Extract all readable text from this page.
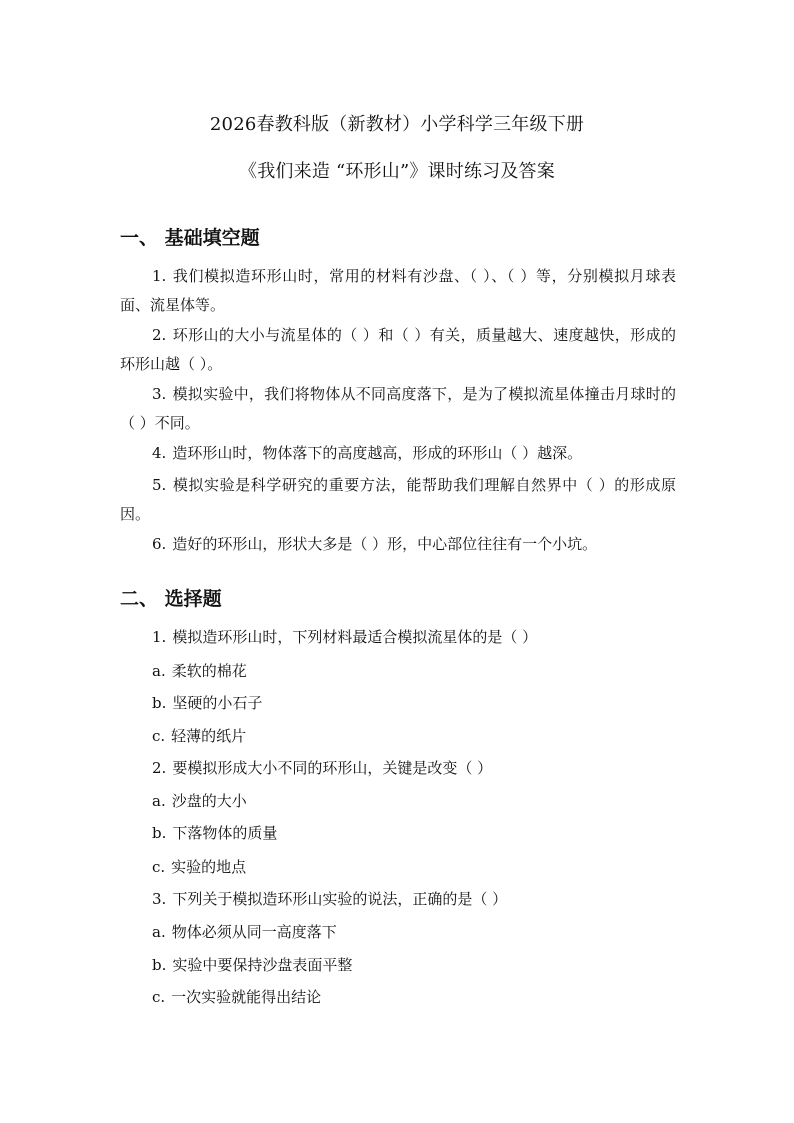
2026春教科版（新教材）小学科学三年级下册
《我们来造 “环形山”》课时练习及答案
一、 基础填空题
1. 我们模拟造环形山时，常用的材料有沙盘、（ ）、（ ）等，分别模拟月球表面、流星体等。
2. 环形山的大小与流星体的（ ）和（ ）有关，质量越大、速度越快，形成的环形山越（ ）。
3. 模拟实验中，我们将物体从不同高度落下，是为了模拟流星体撞击月球时的（ ）不同。
4. 造环形山时，物体落下的高度越高，形成的环形山（ ）越深。
5. 模拟实验是科学研究的重要方法，能帮助我们理解自然界中（ ）的形成原因。
6. 造好的环形山，形状大多是（ ）形，中心部位往往有一个小坑。
二、 选择题
1. 模拟造环形山时，下列材料最适合模拟流星体的是（ ）
a. 柔软的棉花
b. 坚硬的小石子
c. 轻薄的纸片
2. 要模拟形成大小不同的环形山，关键是改变（ ）
a. 沙盘的大小
b. 下落物体的质量
c. 实验的地点
3. 下列关于模拟造环形山实验的说法，正确的是（ ）
a. 物体必须从同一高度落下
b. 实验中要保持沙盘表面平整
c. 一次实验就能得出结论
